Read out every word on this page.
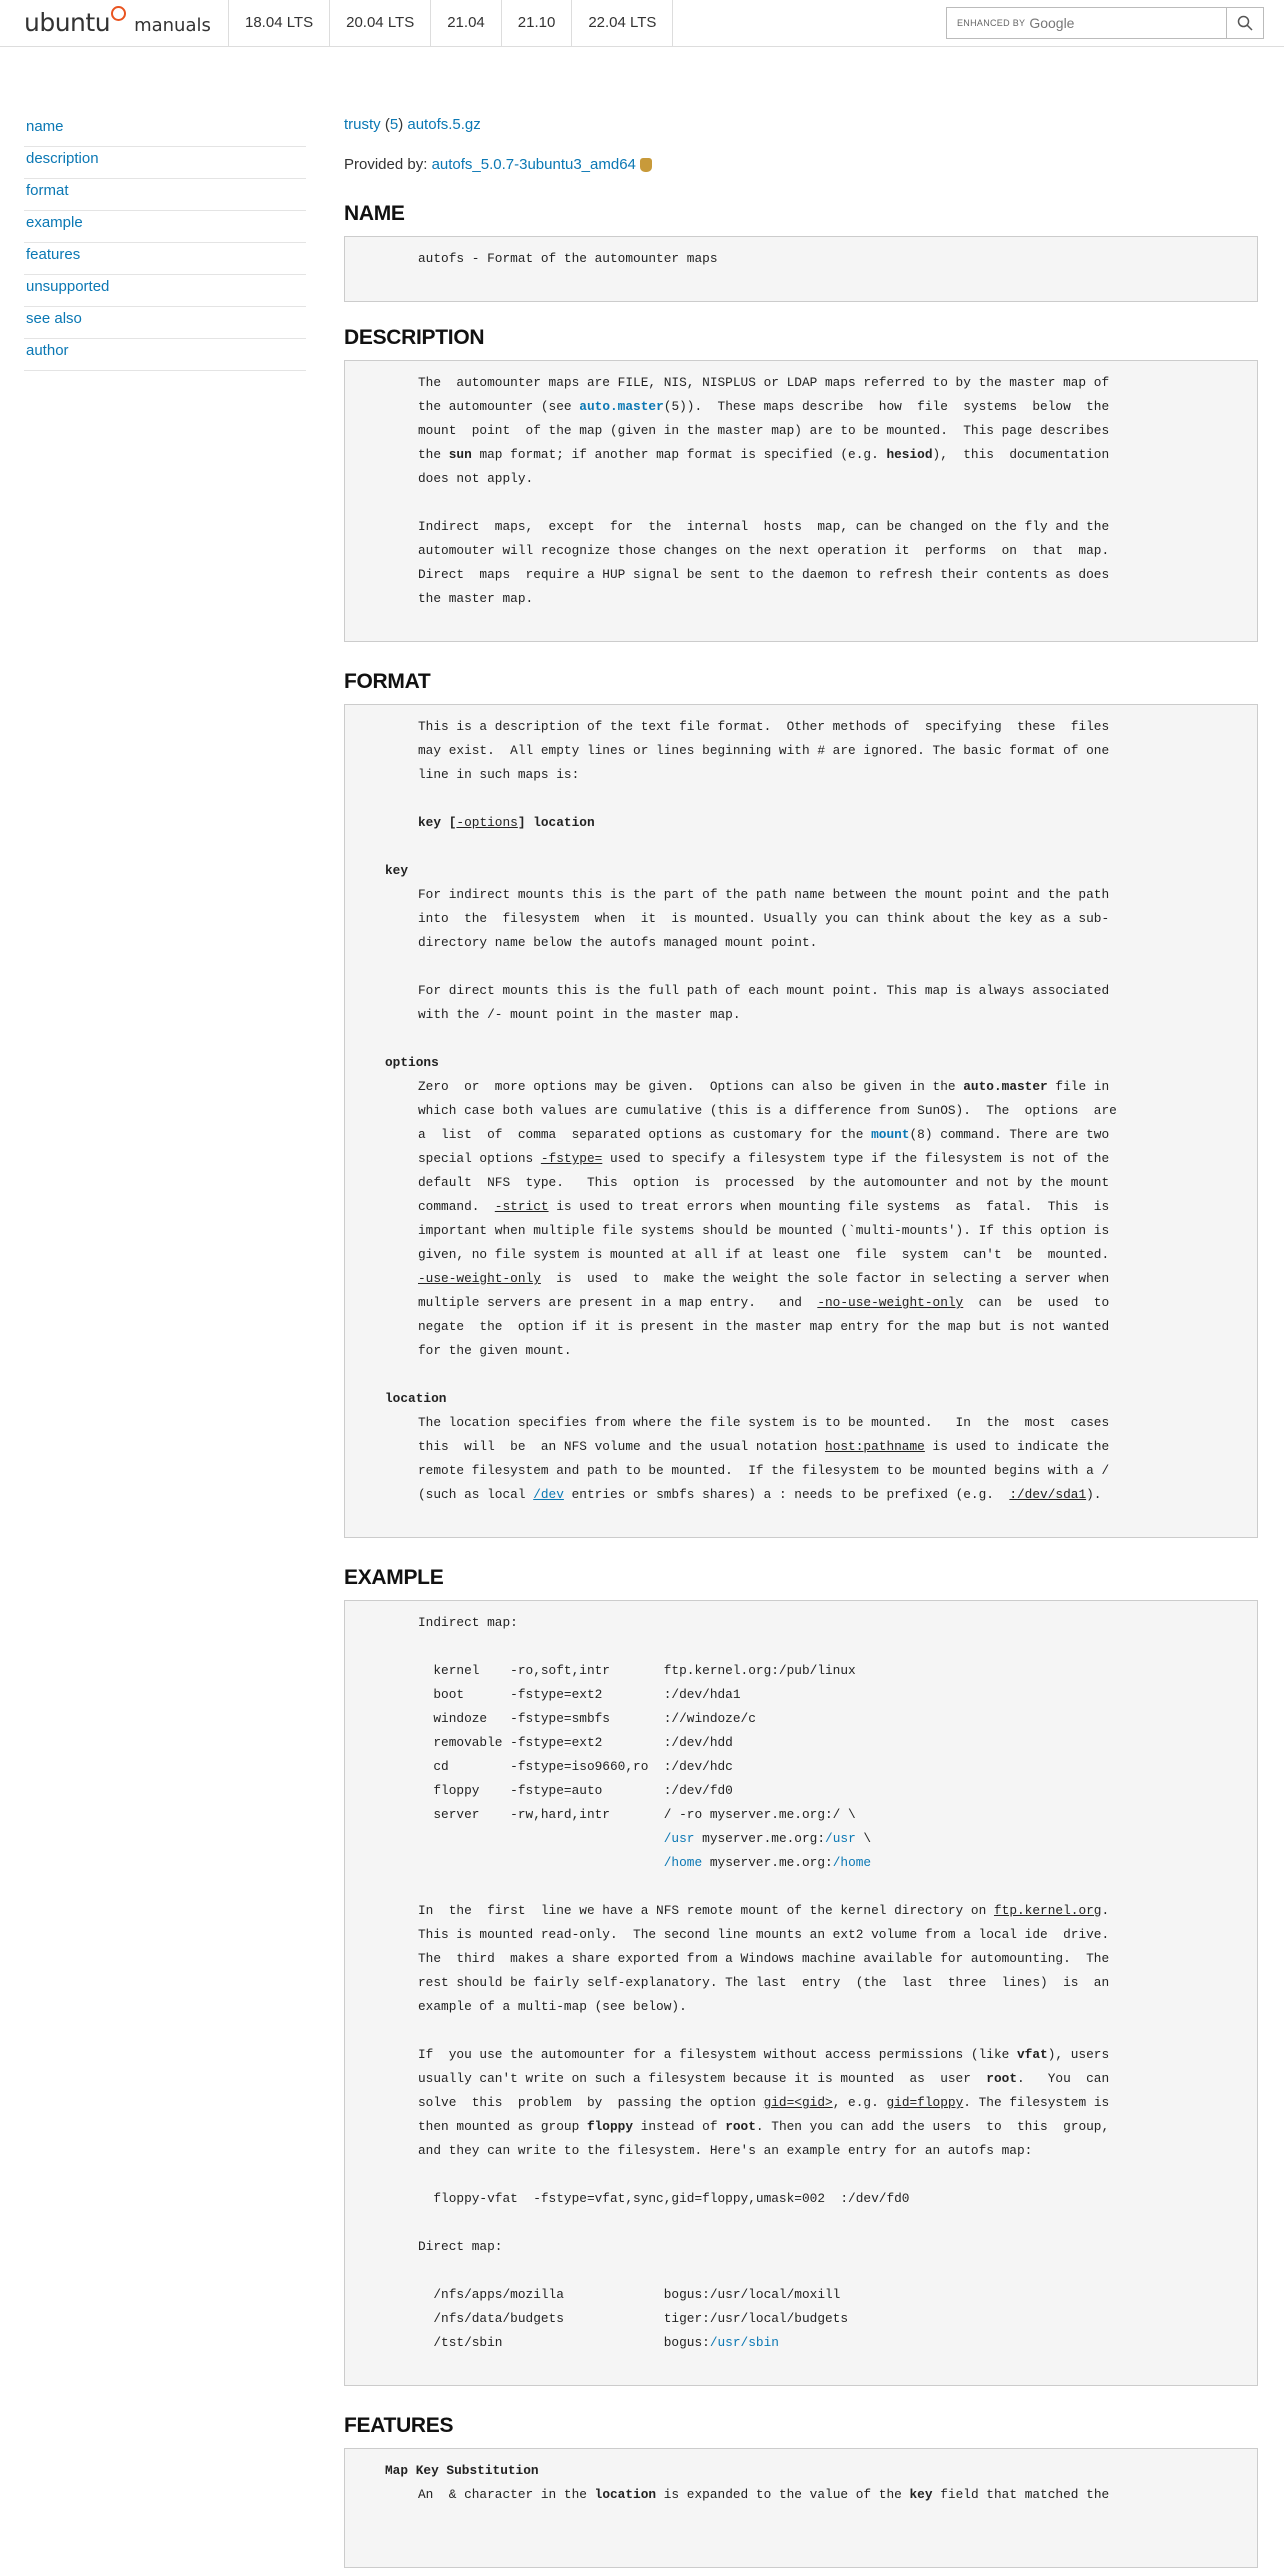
ubuntu manuals	18.04 LTS	20.04 LTS	21.04	21.10	22.04 LTS	ENHANCED BY Google
name
description
format
example
features
unsupported
see also
author
trusty (5) autofs.5.gz
Provided by: autofs_5.0.7-3ubuntu3_amd64
NAME
autofs - Format of the automounter maps
DESCRIPTION
The  automounter maps are FILE, NIS, NISPLUS or LDAP maps referred to by the master map of
the automounter (see auto.master(5)).  These maps describe  how  file  systems  below  the
mount  point  of the map (given in the master map) are to be mounted.  This page describes
the sun map format; if another map format is specified (e.g. hesiod),  this  documentation
does not apply.

Indirect  maps,  except  for  the  internal  hosts  map, can be changed on the fly and the
automouter will recognize those changes on the next operation it  performs  on  that  map.
Direct  maps  require a HUP signal be sent to the daemon to refresh their contents as does
the master map.
FORMAT
This is a description of the text file format.  Other methods of  specifying  these  files
may exist.  All empty lines or lines beginning with # are ignored. The basic format of one
line in such maps is:

key [-options] location

key
For indirect mounts this is the part of the path name between the mount point and the path
into  the  filesystem  when  it  is mounted. Usually you can think about the key as a sub-
directory name below the autofs managed mount point.

For direct mounts this is the full path of each mount point. This map is always associated
with the /- mount point in the master map.

options
Zero  or  more options may be given.  Options can also be given in the auto.master file in
which case both values are cumulative (this is a difference from SunOS).  The  options  are
a  list  of  comma  separated options as customary for the mount(8) command. There are two
special options -fstype= used to specify a filesystem type if the filesystem is not of the
default  NFS  type.   This  option  is  processed  by the automounter and not by the mount
command.  -strict is used to treat errors when mounting file systems  as  fatal.  This  is
important when multiple file systems should be mounted (`multi-mounts'). If this option is
given, no file system is mounted at all if at least one  file  system  can't  be  mounted.
-use-weight-only  is  used  to  make the weight the sole factor in selecting a server when
multiple servers are present in a map entry.   and  -no-use-weight-only  can  be  used  to
negate  the  option if it is present in the master map entry for the map but is not wanted
for the given mount.

location
The location specifies from where the file system is to be mounted.   In  the  most  cases
this  will  be  an NFS volume and the usual notation host:pathname is used to indicate the
remote filesystem and path to be mounted.  If the filesystem to be mounted begins with a /
(such as local /dev entries or smbfs shares) a : needs to be prefixed (e.g.  :/dev/sda1).
EXAMPLE
Indirect map:

kernel    -ro,soft,intr       ftp.kernel.org:/pub/linux
boot      -fstype=ext2        :/dev/hda1
windoze   -fstype=smbfs       ://windoze/c
removable -fstype=ext2        :/dev/hdd
cd        -fstype=iso9660,ro  :/dev/hdc
floppy    -fstype=auto        :/dev/fd0
server    -rw,hard,intr       / -ro myserver.me.org:/ \
/usr myserver.me.org:/usr \
/home myserver.me.org:/home

In  the  first  line we have a NFS remote mount of the kernel directory on ftp.kernel.org.
This is mounted read-only.  The second line mounts an ext2 volume from a local ide  drive.
The  third  makes a share exported from a Windows machine available for automounting.  The
rest should be fairly self-explanatory. The last  entry  (the  last  three  lines)  is  an
example of a multi-map (see below).

If  you use the automounter for a filesystem without access permissions (like vfat), users
usually can't write on such a filesystem because it is mounted  as  user  root.   You  can
solve  this  problem  by  passing the option gid=<gid>, e.g. gid=floppy. The filesystem is
then mounted as group floppy instead of root. Then you can add the users  to  this  group,
and they can write to the filesystem. Here's an example entry for an autofs map:

floppy-vfat  -fstype=vfat,sync,gid=floppy,umask=002  :/dev/fd0

Direct map:

/nfs/apps/mozilla             bogus:/usr/local/moxill
/nfs/data/budgets             tiger:/usr/local/budgets
/tst/sbin                     bogus:/usr/sbin
FEATURES
Map Key Substitution
An  & character in the location is expanded to the value of the key field that matched the
